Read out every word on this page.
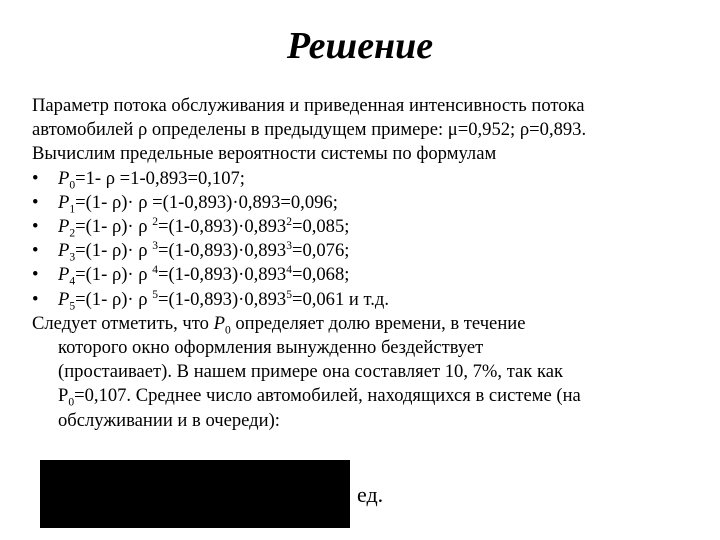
Решение
Параметр потока обслуживания и приведенная интенсивность потока
автомобилей ρ определены в предыдущем примере: μ=0,952; ρ=0,893.
Вычислим предельные вероятности системы по формулам
• $P_0=1-$ ρ =1-0,893=0,107;
• $P_1=(1-$ ρ)· ρ =(1-0,893)·0,893=0,096;
• $P_2=(1-$ ρ)· ρ $^2=(1-0,893)\cdot 0,893^2=0,085$;
• $P_3=(1-$ ρ)· ρ $^3=(1-0,893)\cdot 0,893^3=0,076$;
• $P_4=(1-$ ρ)· ρ $^4=(1-0,893)\cdot 0,893^4=0,068$;
• $P_5=(1-$ ρ)· ρ $^5=(1-0,893)\cdot 0,893^5=0,061$ и т.д.
Следует отметить, что $P_0$ определяет долю времени, в течение
которого окно оформления вынужденно бездействует
(простаивает). В нашем примере она составляет 10, 7%, так как
$P_0=0,107$. Среднее число автомобилей, находящихся в системе (на
обслуживании и в очереди):
ед.
